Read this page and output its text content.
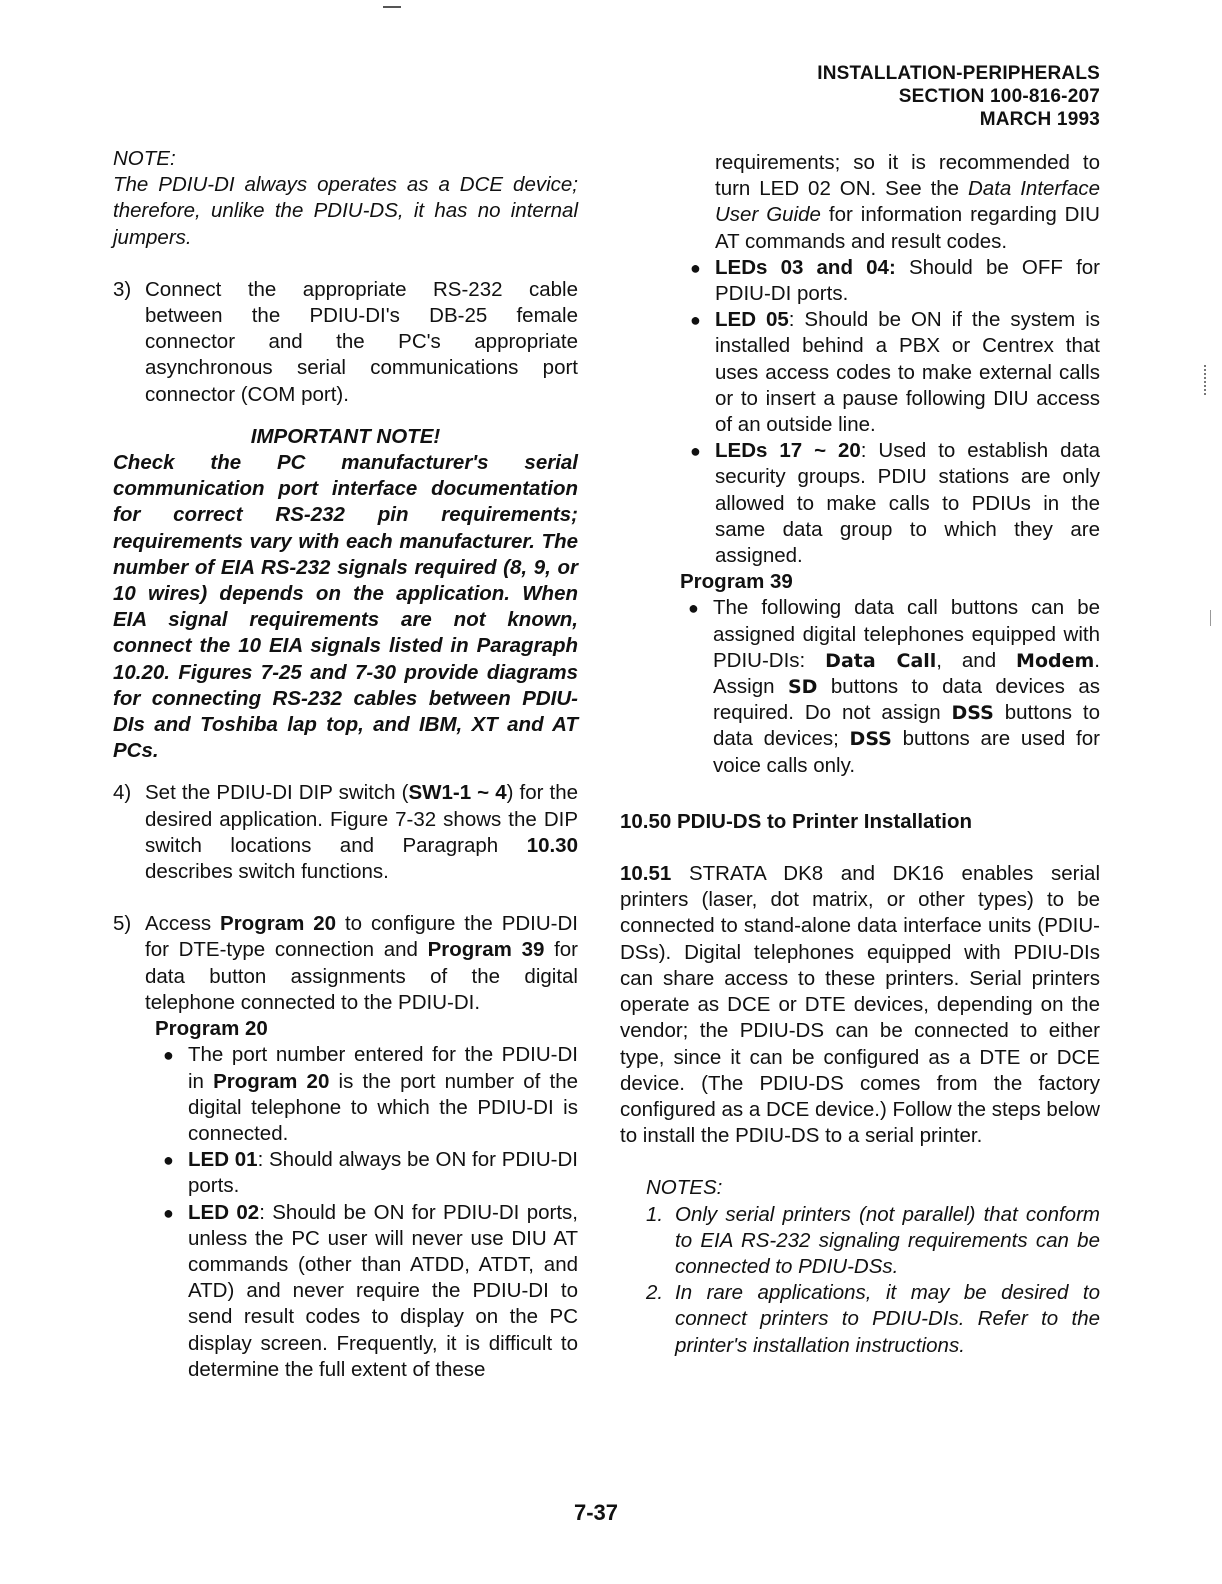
INSTALLATION-PERIPHERALS
SECTION 100-816-207
MARCH 1993

NOTE:

The PDIU-DI always operates as a DCE device; therefore, unlike the PDIU-DS, it has no internal jumpers.

3) Connect the appropriate RS-232 cable between the PDIU-DI's DB-25 female connector and the PC's appropriate asynchronous serial communications port connector (COM port).

IMPORTANT NOTE!

Check the PC manufacturer's serial communication port interface documentation for correct RS-232 pin requirements; requirements vary with each manufacturer. The number of EIA RS-232 signals required (8, 9, or 10 wires) depends on the application. When EIA signal requirements are not known, connect the 10 EIA signals listed in Paragraph 10.20. Figures 7-25 and 7-30 provide diagrams for connecting RS-232 cables between PDIU-DIs and Toshiba lap top, and IBM, XT and AT PCs.

4) Set the PDIU-DI DIP switch (SW1-1 ~ 4) for the desired application. Figure 7-32 shows the DIP switch locations and Paragraph 10.30 describes switch functions.
5) Access Program 20 to configure the PDIU-DI for DTE-type connection and Program 39 for data button assignments of the digital telephone connected to the PDIU-DI.

Program 20

● The port number entered for the PDIU-DI in Program 20 is the port number of the digital telephone to which the PDIU-DI is connected.
● LED 01: Should always be ON for PDIU-DI ports.
● LED 02: Should be ON for PDIU-DI ports, unless the PC user will never use DIU AT commands (other than ATDD, ATDT, and ATD) and never require the PDIU-DI to send result codes to display on the PC display screen. Frequently, it is difficult to determine the full extent of these

requirements; so it is recommended to turn LED 02 ON. See the Data Interface User Guide for information regarding DIU AT commands and result codes.

● LEDs 03 and 04: Should be OFF for PDIU-DI ports.
● LED 05: Should be ON if the system is installed behind a PBX or Centrex that uses access codes to make external calls or to insert a pause following DIU access of an outside line.
● LEDs 17 ~ 20: Used to establish data security groups. PDIU stations are only allowed to make calls to PDIUs in the same data group to which they are assigned.

Program 39

● The following data call buttons can be assigned digital telephones equipped with PDIU-DIs: Data Call, and Modem. Assign SD buttons to data devices as required. Do not assign DSS buttons to data devices; DSS buttons are used for voice calls only.

10.50 PDIU-DS to Printer Installation

10.51 STRATA DK8 and DK16 enables serial printers (laser, dot matrix, or other types) to be connected to stand-alone data interface units (PDIU-DSs). Digital telephones equipped with PDIU-DIs can share access to these printers. Serial printers operate as DCE or DTE devices, depending on the vendor; the PDIU-DS can be connected to either type, since it can be configured as a DTE or DCE device. (The PDIU-DS comes from the factory configured as a DCE device.) Follow the steps below to install the PDIU-DS to a serial printer.

NOTES:

1. Only serial printers (not parallel) that conform to EIA RS-232 signaling requirements can be connected to PDIU-DSs.
2. In rare applications, it may be desired to connect printers to PDIU-DIs. Refer to the printer's installation instructions.
7-37
